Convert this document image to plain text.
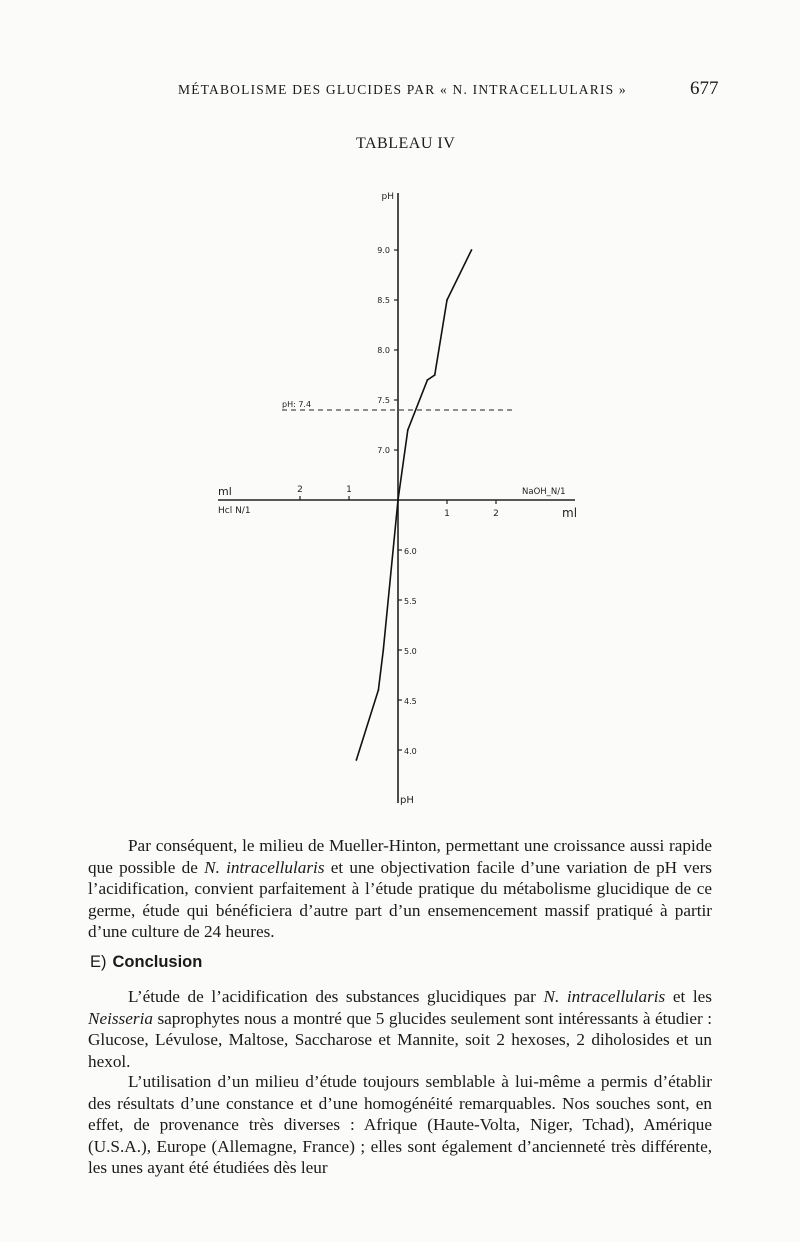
MÉTABOLISME DES GLUCIDES PAR « N. INTRACELLULARIS »	677
TABLEAU IV
9.0
8.5
8.0
7.5
7.0
6.0
5.5
5.0
4.5
4.0
2	1
1	2
pH
pH
ml
Hcl N/1
NaOH_N/1
ml
pH: 7.4

Par conséquent, le milieu de Mueller-Hinton, permettant une croissance aussi rapide que possible de N. intracellularis et une objectivation facile d’une variation de pH vers l’acidification, convient parfaitement à l’étude pratique du métabolisme glucidique de ce germe, étude qui bénéficiera d’autre part d’un ensemencement massif pratiqué à partir d’une culture de 24 heures.

E) Conclusion

L’étude de l’acidification des substances glucidiques par N. intracellularis et les Neisseria saprophytes nous a montré que 5 glucides seulement sont intéressants à étudier : Glucose, Lévulose, Maltose, Saccharose et Mannite, soit 2 hexoses, 2 diholosides et un hexol.

L’utilisation d’un milieu d’étude toujours semblable à lui-même a permis d’établir des résultats d’une constance et d’une homogénéité remarquables. Nos souches sont, en effet, de provenance très diverses : Afrique (Haute-Volta, Niger, Tchad), Amérique (U.S.A.), Europe (Allemagne, France) ; elles sont également d’ancienneté très différente, les unes ayant été étudiées dès leur
